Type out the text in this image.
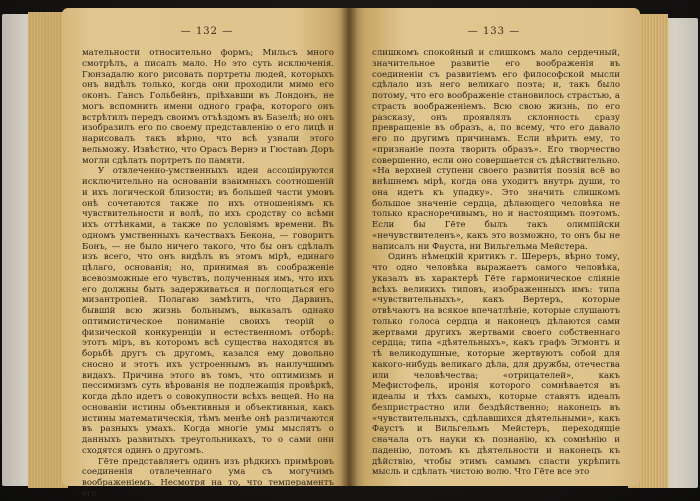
— 132 —

мательности относительно формъ; Мильсъ много смотрѣлъ, а писалъ мало. Но это суть исключенія. Гюнзадалю кого рисовать портреты людей, которыхъ онъ видѣлъ только, когда они проходили мимо его оконъ. Гансъ Гольбейнъ, пріѣхавши въ Лондонъ, не могъ вспомнить имени одного графа, которого онъ встрѣтилъ передъ своимъ отъѣздомъ въ Базелѣ; но онъ изобразилъ его по своему представленію о его лицѣ и нарисовалъ такъ вѣрно, что всѣ узнали этого вельможу. Извѣстно, что Орасъ Вернэ и Гюставъ Доръ могли сдѣлать портретъ по памяти.

У отвлеченно-умственныхъ идеи ассоціируются исключительно на основаніи взаимныхъ соотношеній и ихъ логической близости; въ большей части умовъ онѣ сочетаются также по ихъ отношеніямъ къ чувствительности и волѣ, по ихъ сродству со всѣми ихъ оттѣнками, а также по условіямъ времени. Въ одномъ умственныхъ качествахъ Бекона, — говоритъ Бонъ, — не было ничего такого, что бы онъ сдѣлалъ изъ всего, что онъ видѣлъ въ этомъ мірѣ, единаго цѣлаго, основанія; но, принимая въ соображеніе всевозможные его чувствъ, полученныя имъ, что ихъ его должны быть задерживаться и поглощаться его мизантропіей. Полагаю замѣтить, что Дарвинъ, бывшій всю жизнь больнымъ, выказалъ однако оптимистическое пониманіе своихъ теорій о физической конкуренціи и естественномъ отборѣ: этотъ міръ, въ которомъ всѣ существа находятся въ борьбѣ другъ съ другомъ, казался ему довольно сносно и этотъ ихъ устроеннымъ въ наилучшимъ видахъ. Причина этого въ томъ, что оптимизмъ и пессимизмъ суть вѣрованія не подлежащія провѣркѣ, когда дѣло идетъ о совокупности всѣхъ вещей. Но на основаніи истины объективныя и объективныя, какъ истины математическія, тѣмъ менѣе онѣ различаются въ разныхъ умахъ. Когда многіе умы мыслятъ о данныхъ развитыхъ треугольникахъ, то о сами они сходятся одинъ о другомъ.

Гёте представляетъ одинъ изъ рѣдкихъ примѣровъ соединенія отвлеченнаго ума съ могучимъ воображеніемъ. Несмотря на то, что темпераментъ его

— 133 —

слишкомъ спокойный и слишкомъ мало сердечный, значительное развитіе его воображенія въ соединеніи съ развитіемъ его философской мысли сдѣлало изъ него великаго поэта; и, такъ было потому, что его воображеніе становилось страстью, а страсть воображеніемъ. Всю свою жизнь, по его разсказу, онъ проявлялъ склонность сразу превращеніе въ образъ, а, по всему, что его давало его по другимъ причинамъ. Если вѣрить ему, то «признаніе поэта творить образъ». Его творчество совершенно, если оно совершается съ дѣйствительно. «На верхней ступени своего развитія поэзія всё во внѣшнемъ мірѣ, когда она уходитъ внутрь души, то она идетъ къ упадку». Это значить слишкомъ большое значеніе сердца, дѣлающего человѣка не только красноречивымъ, но и настоящимъ поэтомъ. Если бы Гёте былъ такъ олимпійски «нечувствителенъ», какъ это возможно, то онъ бы не написалъ ни Фауста, ни Вильгельма Мейстера.

Одинъ нѣмецкій критикъ г. Шереръ, вѣрно тому, что одно человѣка выражаетъ самого человѣка, указалъ въ характерѣ Гёте гармоническое сліяніе всѣхъ великихъ типовъ, изображенныхъ имъ: типа «чувствительныхъ», какъ Вертеръ, которые отвѣчаютъ на всякое впечатлѣніе, которые слушаютъ только голоса сердца и наконецъ дѣлаются сами жертвами другихъ жертвами своего собственнаго сердца; типа «дѣятельныхъ», какъ графъ Эгмонтъ и тѣ великодушные, которые жертвуютъ собой для какого-нибудь великаго дѣла, для дружбы, отечества или человѣчества; «отрицателей», какъ Мефистофель, иронія которого сомнѣвается въ идеалы и тѣхъ самыхъ, которые ставятъ идеалъ безпристрастно или бездѣйственно; наконецъ въ «чувствительныхъ, сдѣлавшихся дѣятельными», какъ Фаустъ и Вильгельмъ Мейстеръ, переходящіе сначала отъ науки къ познанію, къ сомнѣнію и паденію, потомъ къ дѣятельности и наконецъ къ дѣйствію, чтобы этимъ самымъ спасти укрѣпить мысль и сдѣлать чистою волю. Что Гёте все это
